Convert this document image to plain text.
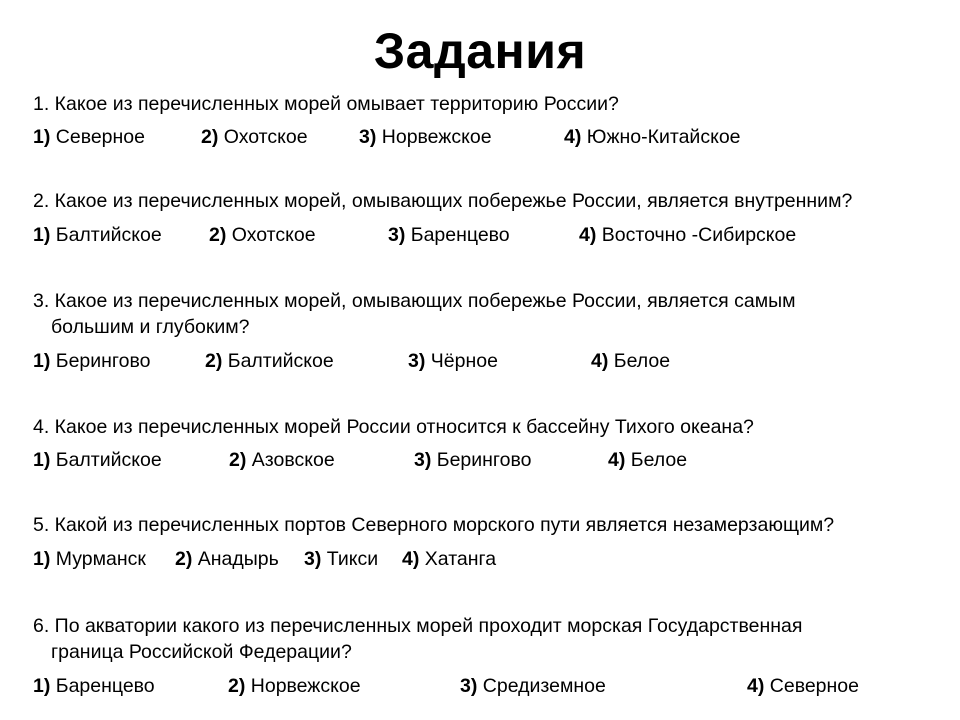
Задания
1. Какое из перечисленных морей омывает территорию России?
1) Северное	2) Охотское	3) Норвежское	4) Южно-Китайское
2. Какое из перечисленных морей, омывающих побережье России, является внутренним?
1) Балтийское 2) Охотское	3) Баренцево	4) Восточно -Сибирское
3. Какое из перечисленных морей, омывающих побережье России, является самым
большим и глубоким?
1) Берингово	2) Балтийское	3) Чёрное	4) Белое
4. Какое из перечисленных морей России относится к бассейну Тихого океана?
1) Балтийское	2) Азовское	3) Берингово	4) Белое
5. Какой из перечисленных портов Северного морского пути является незамерзающим?
1) Мурманск 2) Анадырь 3) Тикси 4) Хатанга
6. По акватории какого из перечисленных морей проходит морская Государственная
граница Российской Федерации?
1) Баренцево	2) Норвежское	3) Средиземное	4) Северное
